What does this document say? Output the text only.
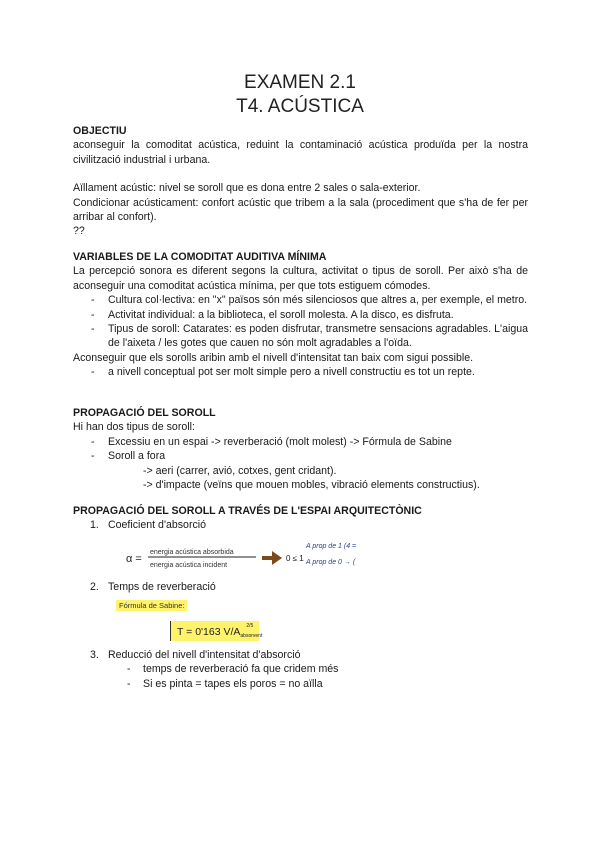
EXAMEN 2.1
T4. ACÚSTICA
OBJECTIU
aconseguir la comoditat acústica, reduint la contaminació acústica produïda per la nostra civilització industrial i urbana.
Aïllament acústic: nivel se soroll que es dona entre 2 sales o sala-exterior.
Condicionar acústicament: confort acústic que tribem a la sala (procediment que s'ha de fer per arribar al confort).
??
VARIABLES DE LA COMODITAT AUDITIVA MÍNIMA
La percepció sonora es diferent segons la cultura, activitat o tipus de soroll. Per això s'ha de aconseguir una comoditat acústica mínima, per que tots estiguem cómodes.
- Cultura col·lectiva: en "x" països són més silenciosos que altres a, per exemple, el metro.
- Activitat individual: a la biblioteca, el soroll molesta. A la disco, es disfruta.
- Tipus de soroll: Catarates: es poden disfrutar, transmetre sensacions agradables. L'aigua de l'aixeta / les gotes que cauen no són molt agradables a l'oïda.
Aconseguir que els sorolls aribin amb el nivell d'intensitat tan baix com sigui possible.
- a nivell conceptual pot ser molt simple pero a nivell constructiu es tot un repte.
PROPAGACIÓ DEL SOROLL
Hi han dos tipus de soroll:
- Excessiu en un espai -> reverberació (molt molest) -> Fórmula de Sabine
- Soroll a fora
-> aeri (carrer, avió, cotxes, gent cridant).
-> d'impacte (veïns que mouen mobles, vibració elements constructius).
PROPAGACIÓ DEL SOROLL A TRAVÉS DE L'ESPAI ARQUITECTÒNIC
1. Coeficient d'absorció
α =
energia acústica absorbida
energia acústica incident
0 ≤ 1
A prop de 1 (4 =
A prop de 0 → (
2. Temps de reverberació
Fórmula de Sabine:
T = 0'163 V/Aabsorvent$^{2/5}$
3. Reducció del nivell d'intensitat d'absorció
- temps de reverberació fa que cridem més
- Si es pinta = tapes els poros = no aïlla
